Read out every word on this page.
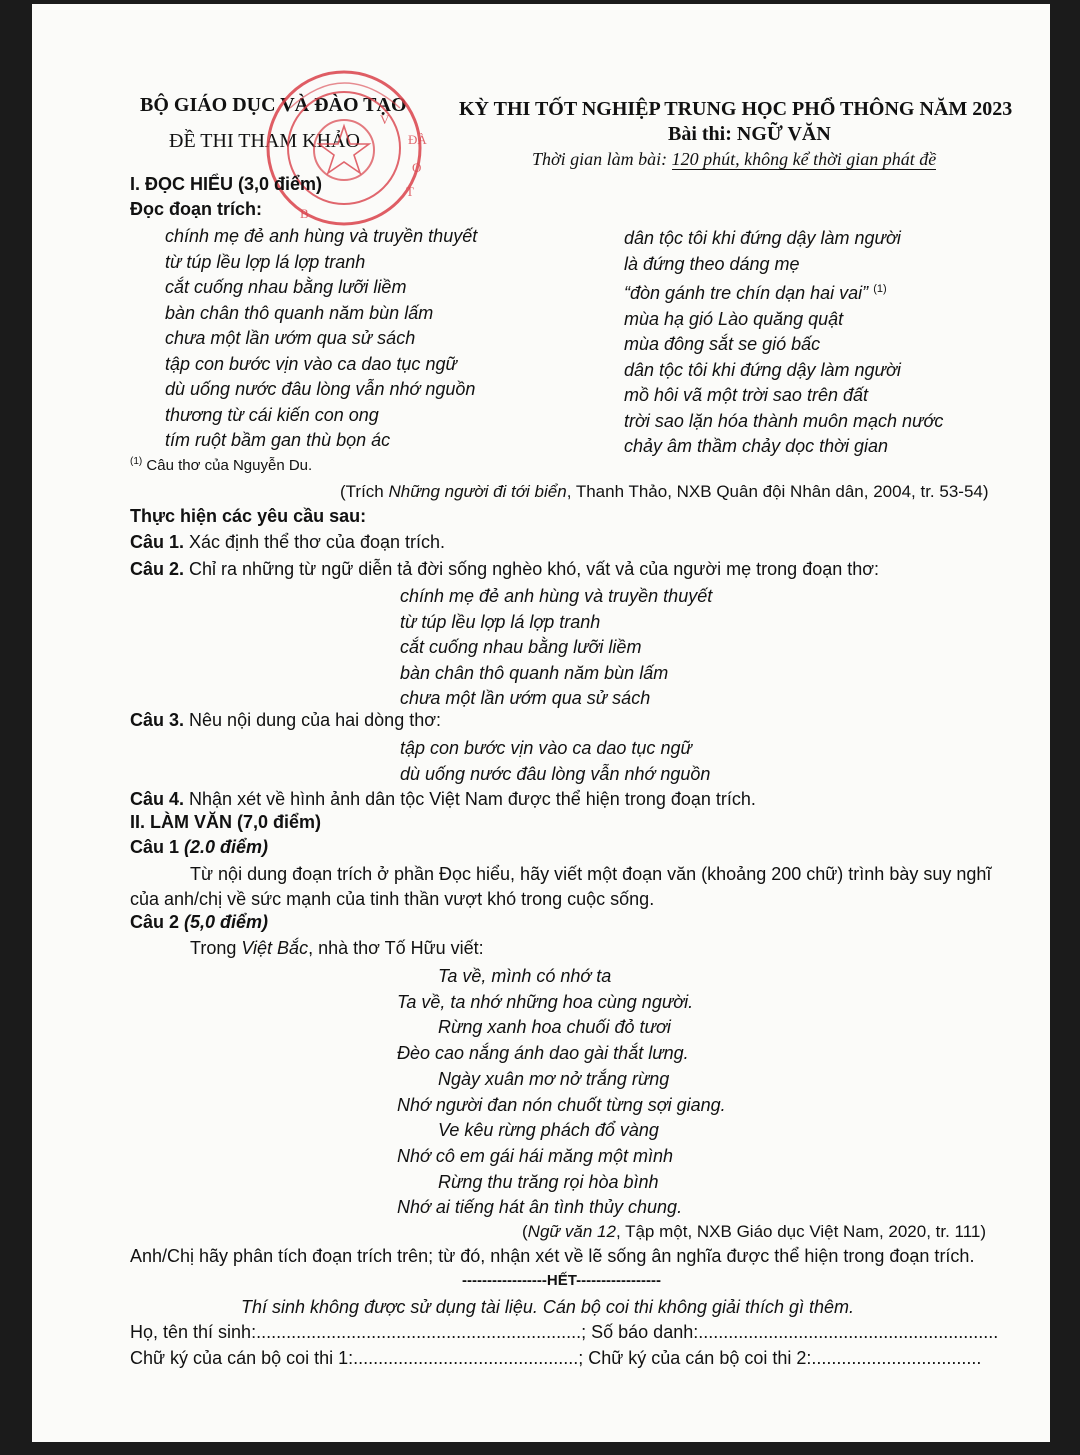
BỘ GIÁO DỤC VÀ ĐÀO TẠO
ĐỀ THI THAM KHẢO
KỲ THI TỐT NGHIỆP TRUNG HỌC PHỔ THÔNG NĂM 2023
Bài thi: NGỮ VĂN
Thời gian làm bài: 120 phút, không kể thời gian phát đề
V
ĐÀ
O
T
B
I. ĐỌC HIỂU (3,0 điểm)
Đọc đoạn trích:
chính mẹ đẻ anh hùng và truyền thuyết
từ túp lều lợp lá lợp tranh
cắt cuống nhau bằng lưỡi liềm
bàn chân thô quanh năm bùn lấm
chưa một lần ướm qua sử sách
tập con bước vịn vào ca dao tục ngữ
dù uống nước đâu lòng vẫn nhớ nguồn
thương từ cái kiến con ong
tím ruột bầm gan thù bọn ác
dân tộc tôi khi đứng dậy làm người
là đứng theo dáng mẹ
“đòn gánh tre chín dạn hai vai” $^{(1)}$
mùa hạ gió Lào quăng quật
mùa đông sắt se gió bấc
dân tộc tôi khi đứng dậy làm người
mồ hôi vã một trời sao trên đất
trời sao lặn hóa thành muôn mạch nước
chảy âm thầm chảy dọc thời gian
$^{(1)}$ Câu thơ của Nguyễn Du.
(Trích Những người đi tới biển, Thanh Thảo, NXB Quân đội Nhân dân, 2004, tr. 53-54)
Thực hiện các yêu cầu sau:
Câu 1. Xác định thể thơ của đoạn trích.
Câu 2. Chỉ ra những từ ngữ diễn tả đời sống nghèo khó, vất vả của người mẹ trong đoạn thơ:
chính mẹ đẻ anh hùng và truyền thuyết
từ túp lều lợp lá lợp tranh
cắt cuống nhau bằng lưỡi liềm
bàn chân thô quanh năm bùn lấm
chưa một lần ướm qua sử sách
Câu 3. Nêu nội dung của hai dòng thơ:
tập con bước vịn vào ca dao tục ngữ
dù uống nước đâu lòng vẫn nhớ nguồn
Câu 4. Nhận xét về hình ảnh dân tộc Việt Nam được thể hiện trong đoạn trích.
II. LÀM VĂN (7,0 điểm)
Câu 1 (2.0 điểm)
Từ nội dung đoạn trích ở phần Đọc hiểu, hãy viết một đoạn văn (khoảng 200 chữ) trình bày suy nghĩ
của anh/chị về sức mạnh của tinh thần vượt khó trong cuộc sống.
Câu 2 (5,0 điểm)
Trong Việt Bắc, nhà thơ Tố Hữu viết:
Ta về, mình có nhớ ta
Ta về, ta nhớ những hoa cùng người.
Rừng xanh hoa chuối đỏ tươi
Đèo cao nắng ánh dao gài thắt lưng.
Ngày xuân mơ nở trắng rừng
Nhớ người đan nón chuốt từng sợi giang.
Ve kêu rừng phách đổ vàng
Nhớ cô em gái hái măng một mình
Rừng thu trăng rọi hòa bình
Nhớ ai tiếng hát ân tình thủy chung.
(Ngữ văn 12, Tập một, NXB Giáo dục Việt Nam, 2020, tr. 111)
Anh/Chị hãy phân tích đoạn trích trên; từ đó, nhận xét về lẽ sống ân nghĩa được thể hiện trong đoạn trích.
-----------------HẾT-----------------
Thí sinh không được sử dụng tài liệu. Cán bộ coi thi không giải thích gì thêm.
Họ, tên thí sinh:.................................................................; Số báo danh:............................................................
Chữ ký của cán bộ coi thi 1:.............................................; Chữ ký của cán bộ coi thi 2:..................................
